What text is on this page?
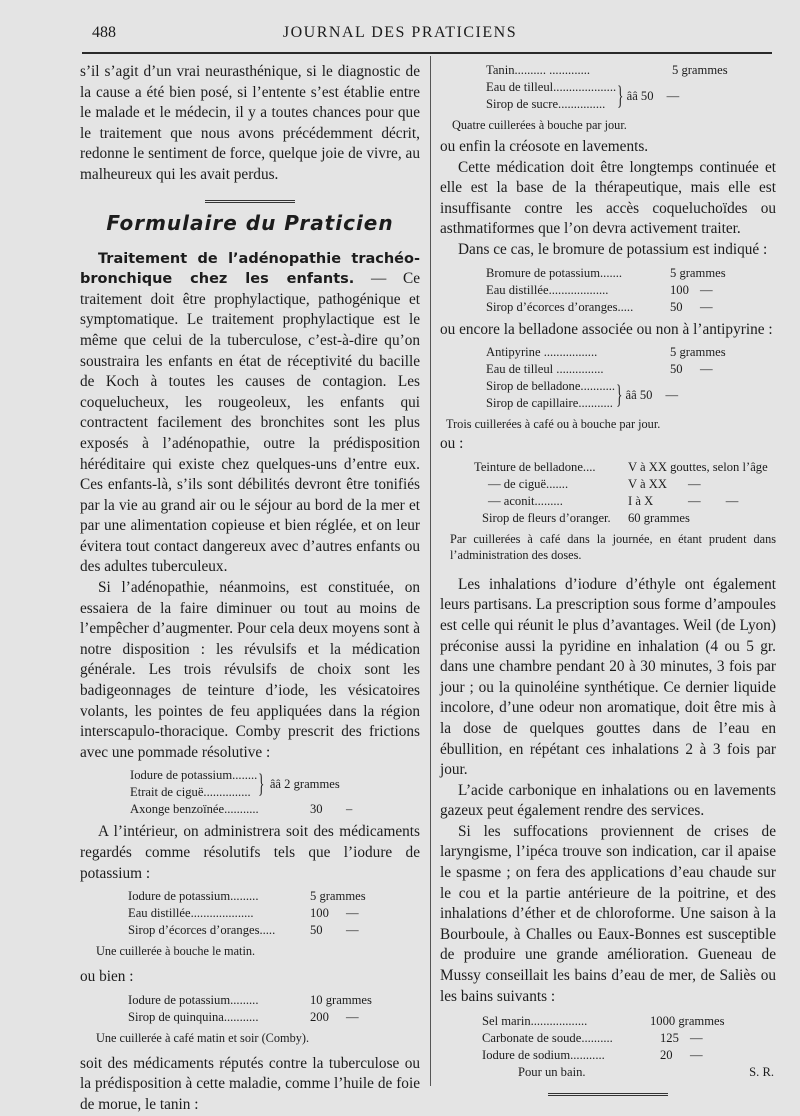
488	JOURNAL DES PRATICIENS

s’il s’agit d’un vrai neurasthénique, si le diagnostic de la cause a été bien posé, si l’entente s’est établie entre le malade et le médecin, il y a toutes chances pour que le traitement que nous avons précédemment décrit, redonne le sentiment de force, quelque joie de vivre, au malheureux qui les avait perdus.

Formulaire du Praticien

Traitement de l’adénopathie trachéo-bronchique chez les enfants. — Ce traitement doit être prophylactique, pathogénique et symptomatique. Le traitement prophylactique est le même que celui de la tuberculose, c’est-à-dire qu’on soustraira les enfants en état de réceptivité du bacille de Koch à toutes les causes de contagion. Les coquelucheux, les rougeoleux, les enfants qui contractent facilement des bronchites sont les plus exposés à l’adénopathie, outre la prédisposition héréditaire qui existe chez quelques-uns d’entre eux. Ces enfants-là, s’ils sont débilités devront être tonifiés par la vie au grand air ou le séjour au bord de la mer et par une alimentation copieuse et bien réglée, et on leur évitera tout contact dangereux avec d’autres enfants ou des adultes tuberculeux.

Si l’adénopathie, néanmoins, est constituée, on essaiera de la faire diminuer ou tout au moins de l’empêcher d’augmenter. Pour cela deux moyens sont à notre disposition : les révulsifs et la médication générale. Les trois révulsifs de choix sont les badigeonnages de teinture d’iode, les vésicatoires volants, les pointes de feu appliquées dans la région interscapulo-thoracique. Comby prescrit des frictions avec une pommade résolutive :

Iodure de potassium........
Etrait de ciguë............... } ââ 2 grammes
Axonge benzoïnée...........	30	–

A l’intérieur, on administrera soit des médicaments regardés comme résolutifs tels que l’iodure de potassium :

Iodure de potassium.........	5 grammes
Eau distillée....................	100	—
Sirop d’écorces d’oranges.....	50	—
Une cuillerée à bouche le matin.

ou bien :

Iodure de potassium.........	10 grammes
Sirop de quinquina...........	200	—
Une cuillerée à café matin et soir (Comby).

soit des médicaments réputés contre la tuberculose ou la prédisposition à cette maladie, comme l’huile de foie de morue, le tanin :

Tanin.......... .............	5 grammes
Eau de tilleul....................
Sirop de sucre............... } ââ 50	—
Quatre cuillerées à bouche par jour.

ou enfin la créosote en lavements.

Cette médication doit être longtemps continuée et elle est la base de la thérapeutique, mais elle est insuffisante contre les accès coqueluchoïdes ou asthmatiformes que l’on devra activement traiter.

Dans ce cas, le bromure de potassium est indiqué :

Bromure de potassium.......	5 grammes
Eau distillée...................	100 —
Sirop d’écorces d’oranges.....	50	—

ou encore la belladone associée ou non à l’antipyrine :

Antipyrine .................	5 grammes
Eau de tilleul ...............	50	—
Sirop de belladone...........
Sirop de capillaire........... } ââ 50	—
Trois cuillerées à café ou à bouche par jour.

ou :

Teinture de belladone....	V à XX gouttes, selon l’âge
— de ciguë.......	V à XX	—
— aconit.........	I à X	—        —
Sirop de fleurs d’oranger.	60 grammes
Par cuillerées à café dans la journée, en étant prudent dans l’administration des doses.

Les inhalations d’iodure d’éthyle ont également leurs partisans. La prescription sous forme d’ampoules est celle qui réunit le plus d’avantages. Weil (de Lyon) préconise aussi la pyridine en inhalation (4 ou 5 gr. dans une chambre pendant 20 à 30 minutes, 3 fois par jour ; ou la quinoléine synthétique. Ce dernier liquide incolore, d’une odeur non aromatique, doit être mis à la dose de quelques gouttes dans de l’eau en ébullition, en répétant ces inhalations 2 à 3 fois par jour.

L’acide carbonique en inhalations ou en lavements gazeux peut également rendre des services.

Si les suffocations proviennent de crises de laryngisme, l’ipéca trouve son indication, car il apaise le spasme ; on fera des applications d’eau chaude sur le cou et la partie antérieure de la poitrine, et des inhalations d’éther et de chloroforme. Une saison à la Bourboule, à Challes ou Eaux-Bonnes est susceptible de produire une grande amélioration. Gueneau de Mussy conseillait les bains d’eau de mer, de Saliès ou les bains suivants :

Sel marin..................	1000 grammes
Carbonate de soude..........	125 —
Iodure de sodium...........	20	—
Pour un bain.	S. R.
